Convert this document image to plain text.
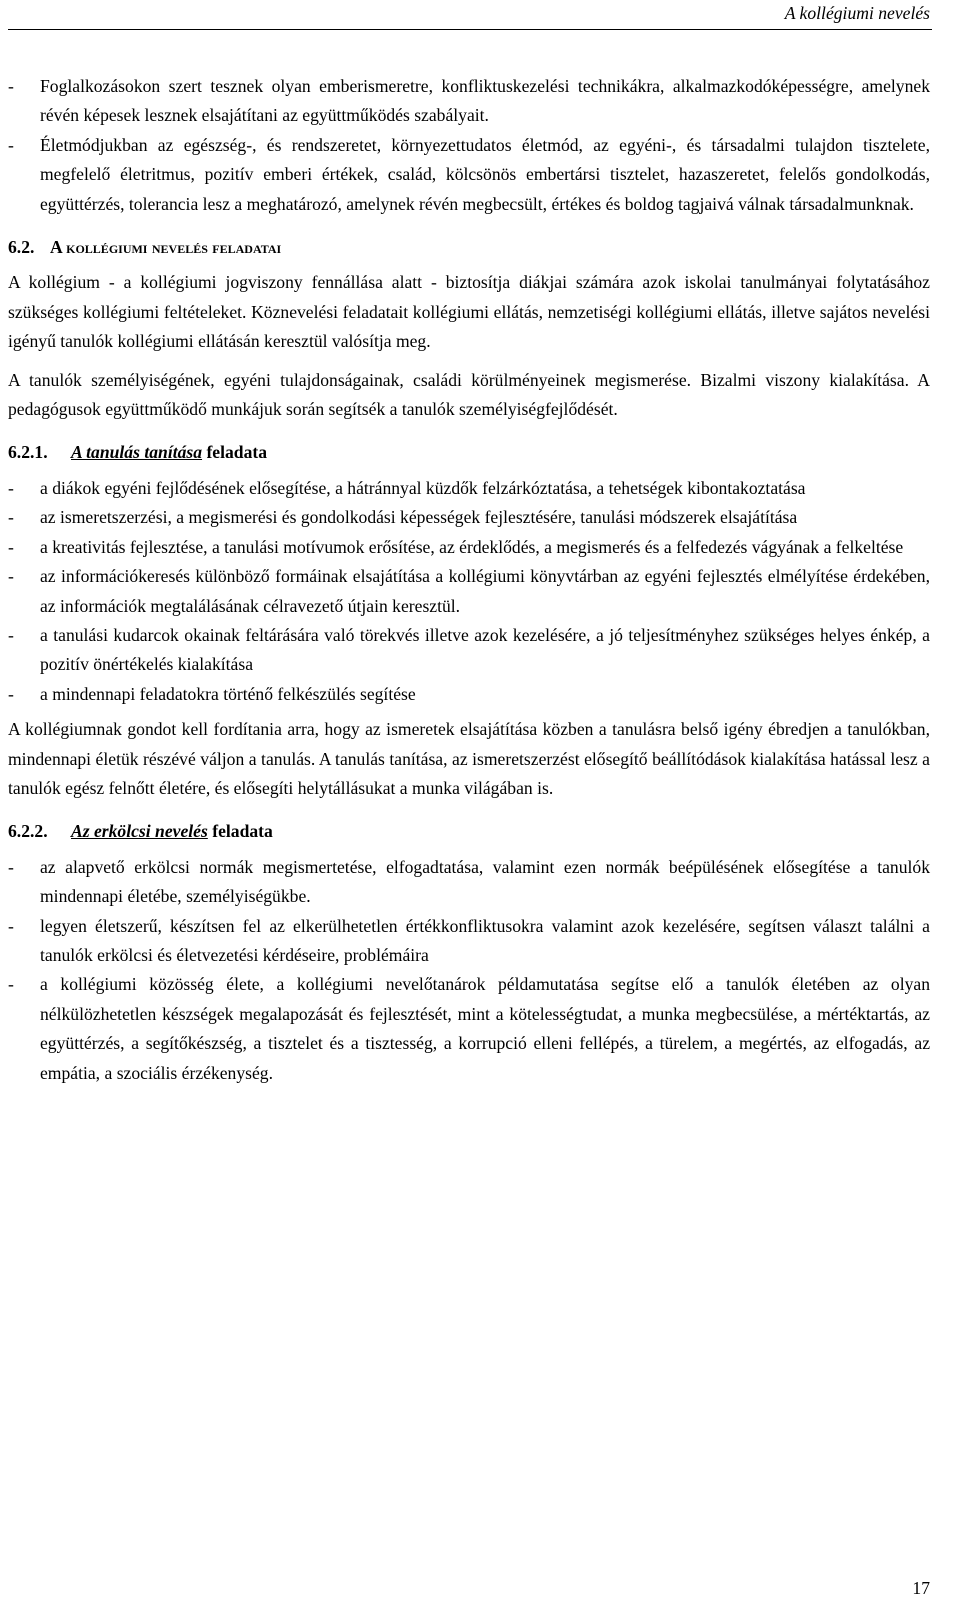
A kollégiumi nevelés
- Foglalkozásokon szert tesznek olyan emberismeretre, konfliktuskezelési technikákra, alkalmazkodóképességre, amelynek révén képesek lesznek elsajátítani az együttműködés szabályait.
- Életmódjukban az egészség-, és rendszeretet, környezettudatos életmód, az egyéni-, és társadalmi tulajdon tisztelete, megfelelő életritmus, pozitív emberi értékek, család, kölcsönös embertársi tisztelet, hazaszeretet, felelős gondolkodás, együttérzés, tolerancia lesz a meghatározó, amelynek révén megbecsült, értékes és boldog tagjaivá válnak társadalmunknak.
6.2. A kollégiumi nevelés feladatai

A kollégium - a kollégiumi jogviszony fennállása alatt - biztosítja diákjai számára azok iskolai tanulmányai folytatásához szükséges kollégiumi feltételeket. Köznevelési feladatait kollégiumi ellátás, nemzetiségi kollégiumi ellátás, illetve sajátos nevelési igényű tanulók kollégiumi ellátásán keresztül valósítja meg.

A tanulók személyiségének, egyéni tulajdonságainak, családi körülményeinek megismerése. Bizalmi viszony kialakítása. A pedagógusok együttműködő munkájuk során segítsék a tanulók személyiségfejlődését.

6.2.1. A tanulás tanítása feladata
- a diákok egyéni fejlődésének elősegítése, a hátránnyal küzdők felzárkóztatása, a tehetségek kibontakoztatása
- az ismeretszerzési, a megismerési és gondolkodási képességek fejlesztésére, tanulási módszerek elsajátítása
- a kreativitás fejlesztése, a tanulási motívumok erősítése, az érdeklődés, a megismerés és a felfedezés vágyának a felkeltése
- az információkeresés különböző formáinak elsajátítása a kollégiumi könyvtárban az egyéni fejlesztés elmélyítése érdekében, az információk megtalálásának célravezető útjain keresztül.
- a tanulási kudarcok okainak feltárására való törekvés illetve azok kezelésére, a jó teljesítményhez szükséges helyes énkép, a pozitív önértékelés kialakítása
- a mindennapi feladatokra történő felkészülés segítése

A kollégiumnak gondot kell fordítania arra, hogy az ismeretek elsajátítása közben a tanulásra belső igény ébredjen a tanulókban, mindennapi életük részévé váljon a tanulás. A tanulás tanítása, az ismeretszerzést elősegítő beállítódások kialakítása hatással lesz a tanulók egész felnőtt életére, és elősegíti helytállásukat a munka világában is.

6.2.2. Az erkölcsi nevelés feladata
- az alapvető erkölcsi normák megismertetése, elfogadtatása, valamint ezen normák beépülésének elősegítése a tanulók mindennapi életébe, személyiségükbe.
- legyen életszerű, készítsen fel az elkerülhetetlen értékkonfliktusokra valamint azok kezelésére, segítsen választ találni a tanulók erkölcsi és életvezetési kérdéseire, problémáira
- a kollégiumi közösség élete, a kollégiumi nevelőtanárok példamutatása segítse elő a tanulók életében az olyan nélkülözhetetlen készségek megalapozását és fejlesztését, mint a kötelességtudat, a munka megbecsülése, a mértéktartás, az együttérzés, a segítőkészség, a tisztelet és a tisztesség, a korrupció elleni fellépés, a türelem, a megértés, az elfogadás, az empátia, a szociális érzékenység.
17
